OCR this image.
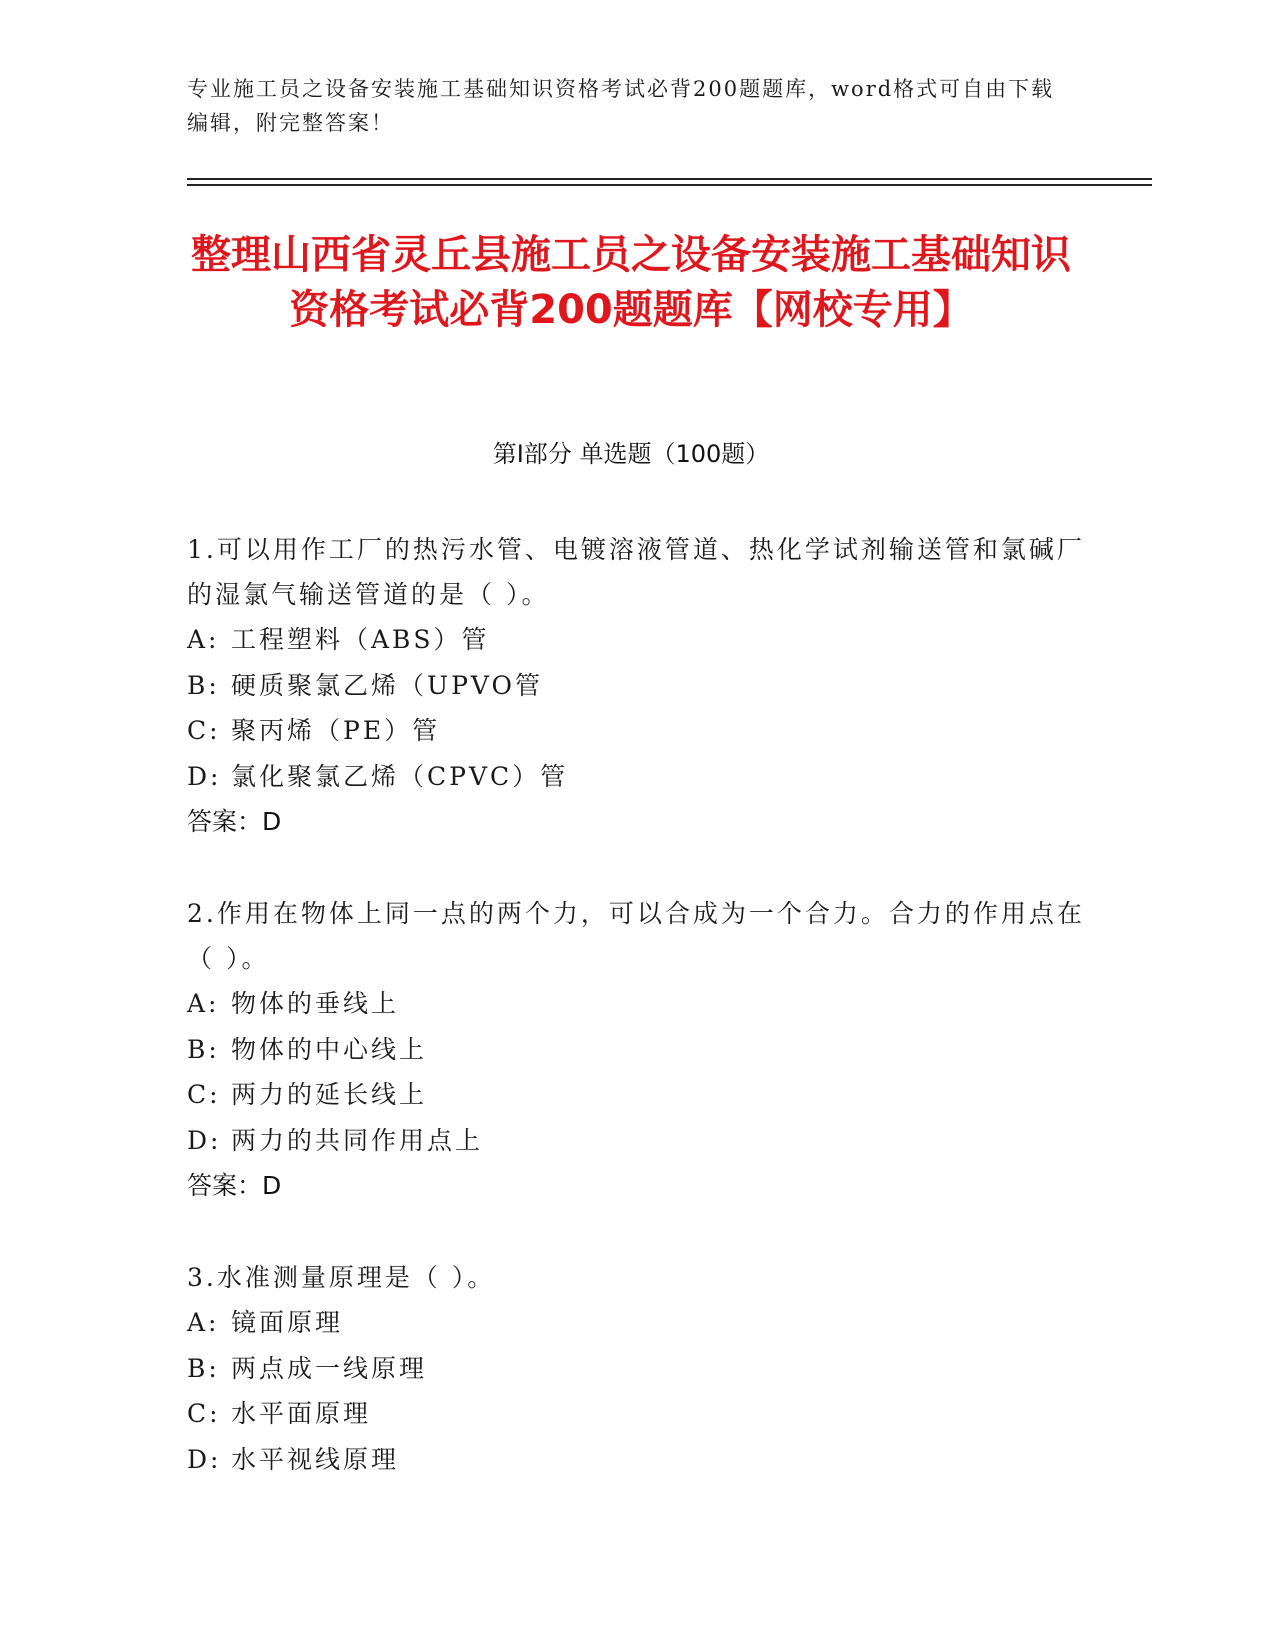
专业施工员之设备安装施工基础知识资格考试必背200题题库，word格式可自由下载编辑，附完整答案！
整理山西省灵丘县施工员之设备安装施工基础知识资格考试必背200题题库【网校专用】
第Ⅰ部分 单选题（100题）

1.可以用作工厂的热污水管、电镀溶液管道、热化学试剂输送管和氯碱厂的湿氯气输送管道的是（ ）。

A: 工程塑料（ABS）管

B: 硬质聚氯乙烯（UPVO管

C: 聚丙烯（PE）管

D: 氯化聚氯乙烯（CPVC）管

答案：D

2.作用在物体上同一点的两个力，可以合成为一个合力。合力的作用点在（ ）。

A: 物体的垂线上

B: 物体的中心线上

C: 两力的延长线上

D: 两力的共同作用点上

答案：D

3.水准测量原理是（ ）。

A: 镜面原理

B: 两点成一线原理

C: 水平面原理

D: 水平视线原理
